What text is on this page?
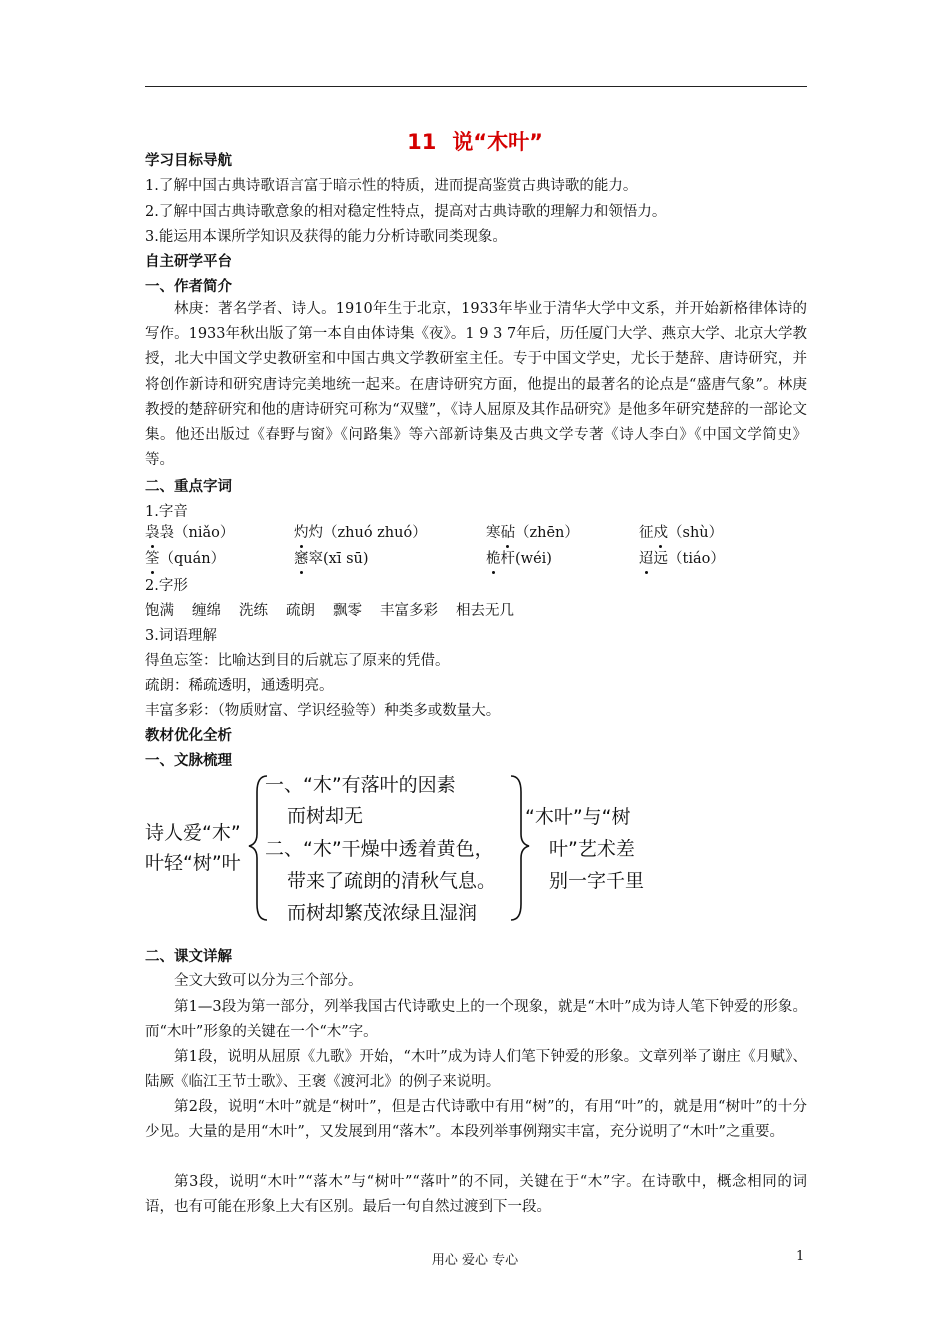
11 说“木叶”
学习目标导航
1.了解中国古典诗歌语言富于暗示性的特质，进而提高鉴赏古典诗歌的能力。
2.了解中国古典诗歌意象的相对稳定性特点，提高对古典诗歌的理解力和领悟力。
3.能运用本课所学知识及获得的能力分析诗歌同类现象。
自主研学平台
一、作者简介
林庚：著名学者、诗人。1910年生于北京，1933年毕业于清华大学中文系，并开始新格律体诗的写作。1933年秋出版了第一本自由体诗集《夜》。1 9 3 7年后，历任厦门大学、燕京大学、北京大学教授，北大中国文学史教研室和中国古典文学教研室主任。专于中国文学史，尤长于楚辞、唐诗研究，并将创作新诗和研究唐诗完美地统一起来。在唐诗研究方面，他提出的最著名的论点是“盛唐气象”。林庚教授的楚辞研究和他的唐诗研究可称为“双璧”，《诗人屈原及其作品研究》是他多年研究楚辞的一部论文集。他还出版过《春野与窗》《问路集》等六部新诗集及古典文学专著《诗人李白》《中国文学简史》等。
二、重点字词
1.字音
袅袅（niǎo）	灼灼（zhuó zhuó）	寒砧（zhēn）	征戍（shù）
筌（quán）	窸窣(xī sū)	桅杆(wéi)	迢远（tiáo）
2.字形
饱满 缠绵 洗练 疏朗 飘零 丰富多彩 相去无几
3.词语理解
得鱼忘筌：比喻达到目的后就忘了原来的凭借。
疏朗：稀疏透明，通透明亮。
丰富多彩：（物质财富、学识经验等）种类多或数量大。
教材优化全析
一、文脉梳理
诗人爱“木”
叶轻“树”叶
一、“木”有落叶的因素
而树却无
二、“木”干燥中透着黄色，
带来了疏朗的清秋气息。
而树却繁茂浓绿且湿润
“木叶”与“树
叶”艺术差
别一字千里
二、课文详解
全文大致可以分为三个部分。
第1—3段为第一部分，列举我国古代诗歌史上的一个现象，就是“木叶”成为诗人笔下钟爱的形象。而“木叶”形象的关键在一个“木”字。
第1段，说明从屈原《九歌》开始，“木叶”成为诗人们笔下钟爱的形象。文章列举了谢庄《月赋》、陆厥《临江王节士歌》、王褒《渡河北》的例子来说明。
第2段，说明“木叶”就是“树叶”，但是古代诗歌中有用“树”的，有用“叶”的，就是用“树叶”的十分少见。大量的是用“木叶”，又发展到用“落木”。本段列举事例翔实丰富，充分说明了“木叶”之重要。
第3段，说明“木叶”“落木”与“树叶”“落叶”的不同，关键在于“木”字。在诗歌中，概念相同的词语，也有可能在形象上大有区别。最后一句自然过渡到下一段。
用心 爱心 专心	1
